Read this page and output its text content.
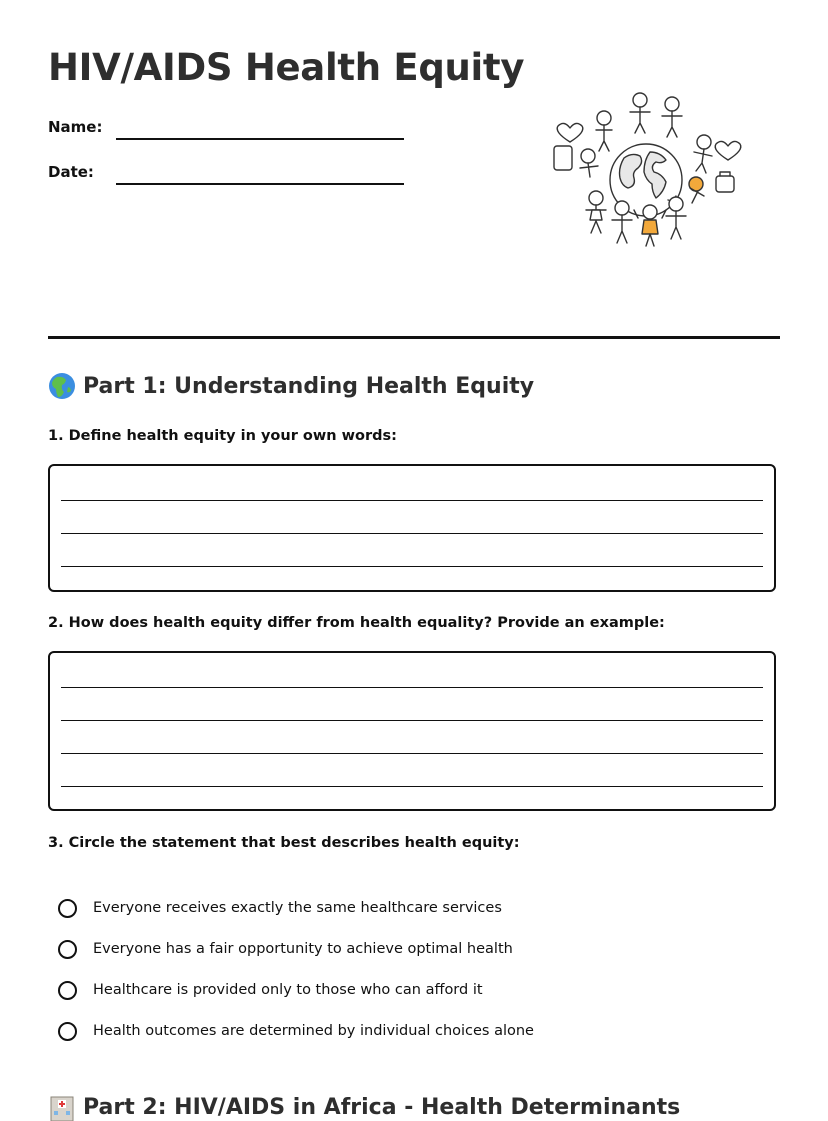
HIV/AIDS Health Equity
Name:
Date:
Part 1: Understanding Health Equity
1. Define health equity in your own words:
2. How does health equity differ from health equality? Provide an example:
3. Circle the statement that best describes health equity:
Everyone receives exactly the same healthcare services
Everyone has a fair opportunity to achieve optimal health
Healthcare is provided only to those who can afford it
Health outcomes are determined by individual choices alone
Part 2: HIV/AIDS in Africa - Health Determinants
